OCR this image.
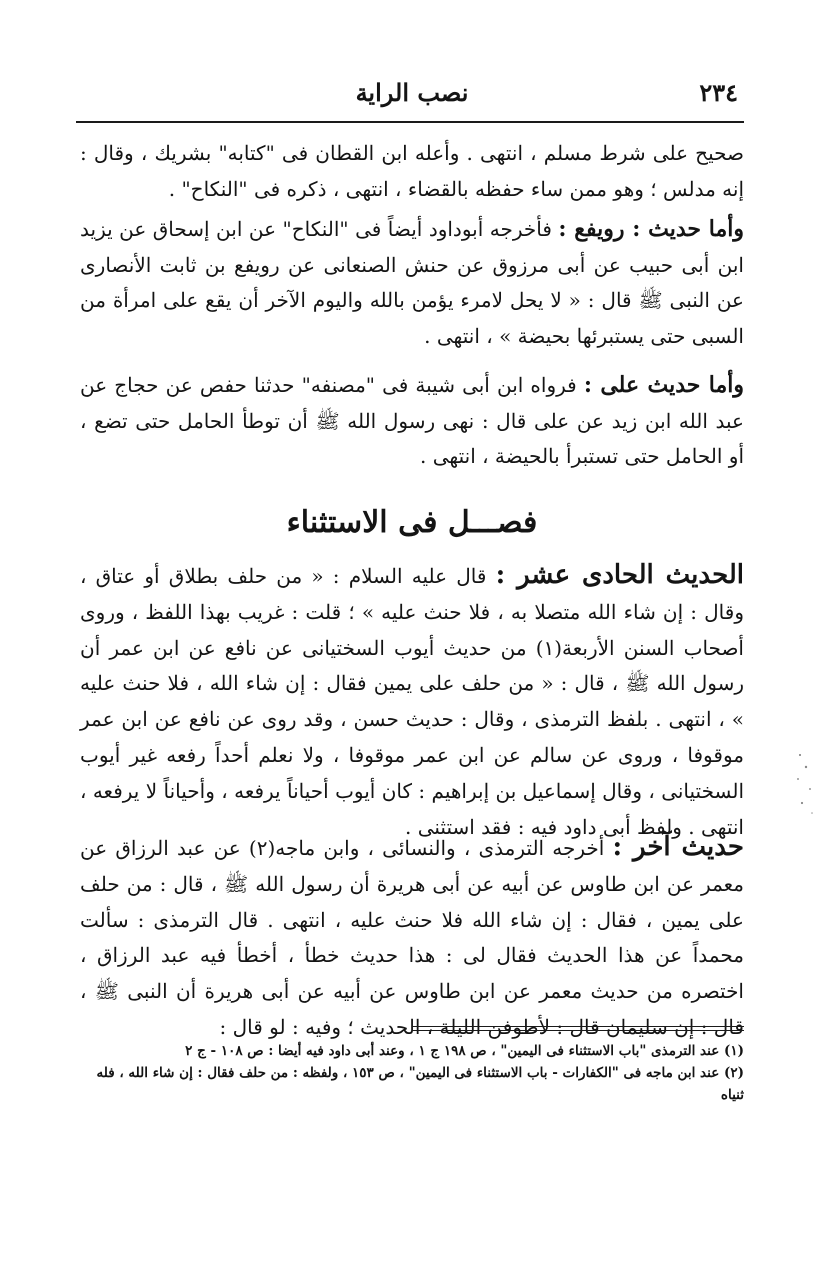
٢٣٤
نصب الراية

صحيح على شرط مسلم ، انتهى . وأعله ابن القطان فى "كتابه" بشريك ، وقال : إنه مدلس ؛ وهو ممن ساء حفظه بالقضاء ، انتهى ، ذكره فى "النكاح" .

وأما حديث : رويفع : فأخرجه أبوداود أيضاً فى "النكاح" عن ابن إسحاق عن يزيد ابن أبى حبيب عن أبى مرزوق عن حنش الصنعانى عن رويفع بن ثابت الأنصارى عن النبى ﷺ قال : « لا يحل لامرء يؤمن بالله واليوم الآخر أن يقع على امرأة من السبى حتى يستبرئها بحيضة » ، انتهى .

وأما حديث على : فرواه ابن أبى شيبة فى "مصنفه" حدثنا حفص عن حجاج عن عبد الله ابن زيد عن على قال : نهى رسول الله ﷺ أن توطأ الحامل حتى تضع ، أو الحامل حتى تستبرأ بالحيضة ، انتهى .

فصـــل فى الاستثناء

الحديث الحادى عشر : قال عليه السلام : « من حلف بطلاق أو عتاق ، وقال : إن شاء الله متصلا به ، فلا حنث عليه » ؛ قلت : غريب بهذا اللفظ ، وروى أصحاب السنن الأربعة(١) من حديث أيوب السختيانى عن نافع عن ابن عمر أن رسول الله ﷺ ، قال : « من حلف على يمين فقال : إن شاء الله ، فلا حنث عليه » ، انتهى . بلفظ الترمذى ، وقال : حديث حسن ، وقد روى عن نافع عن ابن عمر موقوفا ، وروى عن سالم عن ابن عمر موقوفا ، ولا نعلم أحداً رفعه غير أيوب السختيانى ، وقال إسماعيل بن إبراهيم : كان أيوب أحياناً يرفعه ، وأحياناً لا يرفعه ، انتهى . ولفظ أبى داود فيه : فقد استثنى .

حديث آخر : أخرجه الترمذى ، والنسائى ، وابن ماجه(٢) عن عبد الرزاق عن معمر عن ابن طاوس عن أبيه عن أبى هريرة أن رسول الله ﷺ ، قال : من حلف على يمين ، فقال : إن شاء الله فلا حنث عليه ، انتهى . قال الترمذى : سألت محمداً عن هذا الحديث فقال لى : هذا حديث خطأ ، أخطأ فيه عبد الرزاق ، اختصره من حديث معمر عن ابن طاوس عن أبيه عن أبى هريرة أن النبى ﷺ ، قال : إن سليمان قال : لأطوفن الليلة ، الحديث ؛ وفيه : لو قال :

(١) عند الترمذى "باب الاستثناء فى اليمين" ، ص ١٩٨ ج ١ ، وعند أبى داود فيه أيضا : ص ١٠٨ - ج ٢

(٢) عند ابن ماجه فى "الكفارات - باب الاستثناء فى اليمين" ، ص ١٥٣ ، ولفظه : من حلف فقال : إن شاء الله ، فله ثنياه
